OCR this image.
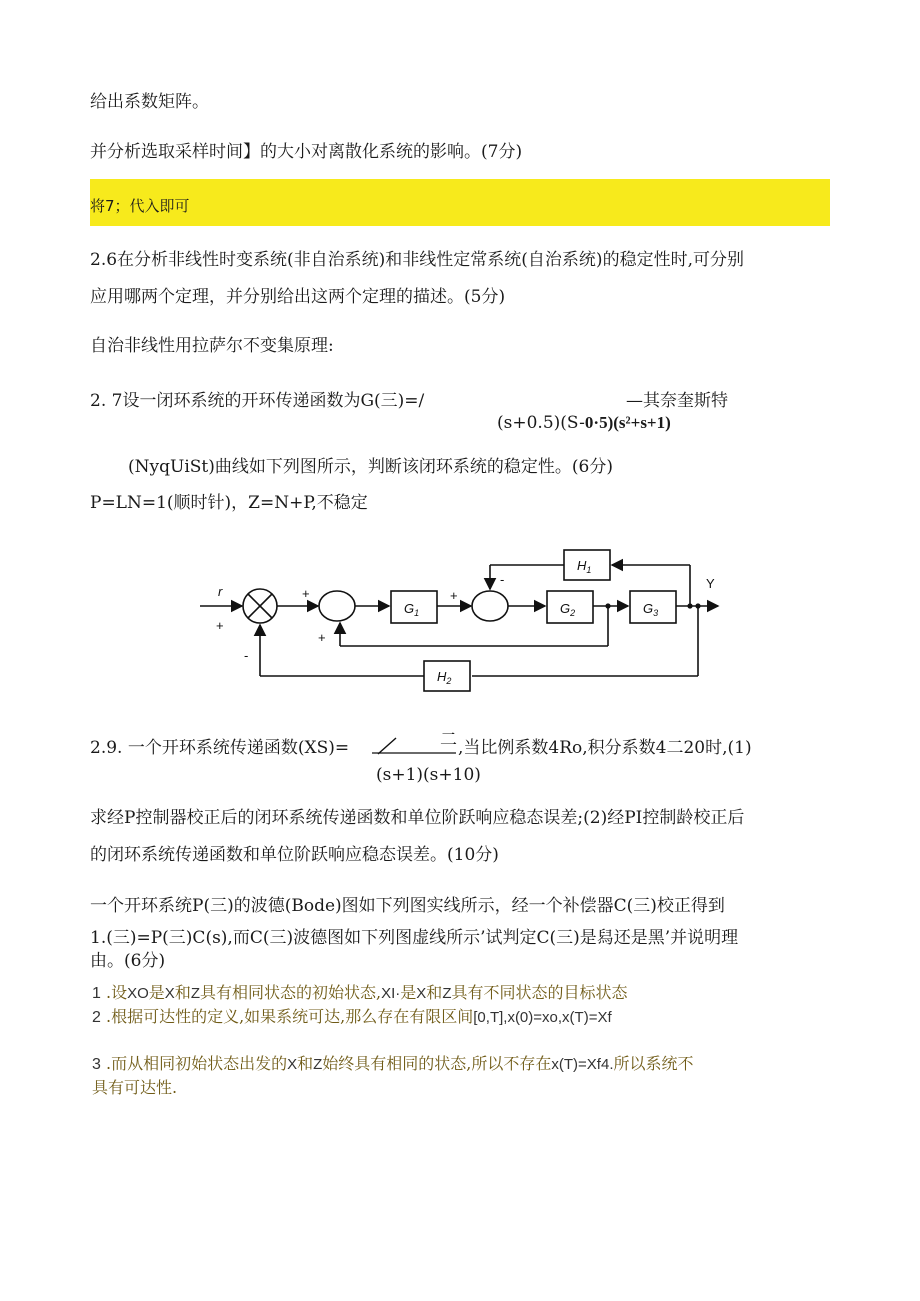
给出系数矩阵。
并分析选取采样时间】的大小对离散化系统的影响。(7分)
将7；代入即可
2.6在分析非线性时变系统(非自治系统)和非线性定常系统(自治系统)的稳定性时,可分别
应用哪两个定理，并分别给出这两个定理的描述。(5分)
自治非线性用拉萨尔不变集原理:
2. 7设一闭环系统的开环传递函数为G(三)=/	—其奈奎斯特
(s+0.5)(S-0·5)(s²+s+1)
(NyqUiSt)曲线如下列图所示，判断该闭环系统的稳定性。(6分)
P=LN=1(顺时针)，Z=N+P,不稳定
r
Y
+
+
+
+
-
-
$G_1$	$G_2$	$G_3$
$H_1$
$H_2$
2.9. 一个开环系统传递函数(XS)=	二 ,当比例系数4Ro,积分系数4二20时,(1)
(s+1)(s+10)
求经P控制器校正后的闭环系统传递函数和单位阶跃响应稳态误差;(2)经PI控制龄校正后
的闭环系统传递函数和单位阶跃响应稳态误差。(10分)
一个开环系统P(三)的波德(Bode)图如下列图实线所示，经一个补偿器C(三)校正得到
1.(三)=P(三)C(s),而C(三)波德图如下列图虚线所示’试判定C(三)是舄还是黑’并说明理
由。(6分)
1 .设XO是X和Z具有相同状态的初始状态,XI·是X和Z具有不同状态的目标状态
2 .根据可达性的定义,如果系统可达,那么存在有限区间[0,T],x(0)=xo,x(T)=Xf
3 .而从相同初始状态出发的X和Z始终具有相同的状态,所以不存在x(T)=Xf4.所以系统不
具有可达性.
